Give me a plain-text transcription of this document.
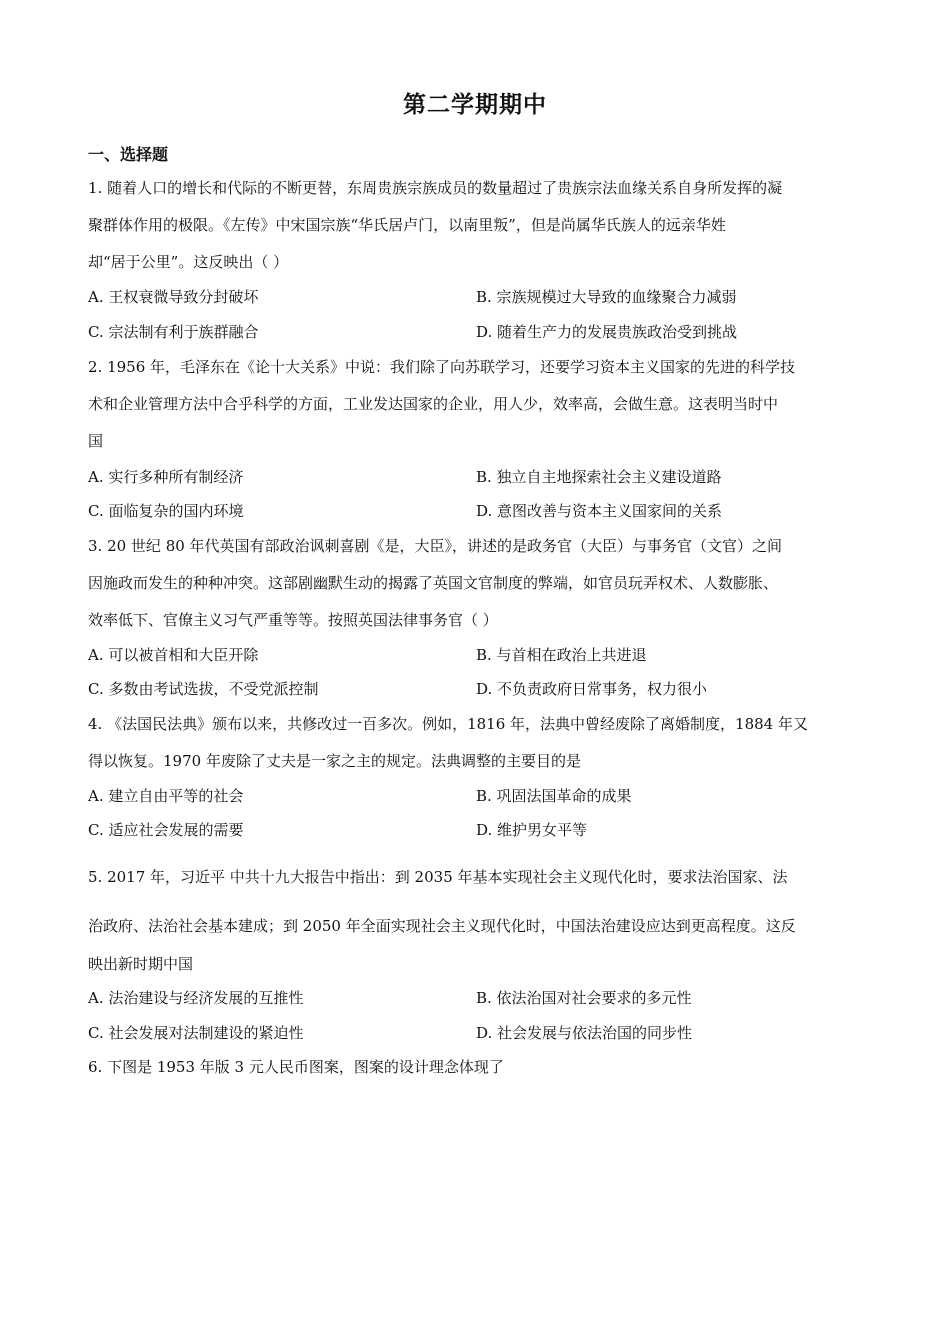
第二学期期中
一、选择题
1. 随着人口的增长和代际的不断更替，东周贵族宗族成员的数量超过了贵族宗法血缘关系自身所发挥的凝
聚群体作用的极限。《左传》中宋国宗族“华氏居卢门，以南里叛”，但是尚属华氏族人的远亲华姓
却“居于公里”。这反映出（ ）
A. 王权衰微导致分封破坏	B. 宗族规模过大导致的血缘聚合力减弱
C. 宗法制有利于族群融合	D. 随着生产力的发展贵族政治受到挑战
2. 1956 年，毛泽东在《论十大关系》中说：我们除了向苏联学习，还要学习资本主义国家的先进的科学技
术和企业管理方法中合乎科学的方面，工业发达国家的企业，用人少，效率高，会做生意。这表明当时中
国
A. 实行多种所有制经济	B. 独立自主地探索社会主义建设道路
C. 面临复杂的国内环境	D. 意图改善与资本主义国家间的关系
3. 20 世纪 80 年代英国有部政治讽刺喜剧《是，大臣》，讲述的是政务官（大臣）与事务官（文官）之间
因施政而发生的种种冲突。这部剧幽默生动的揭露了英国文官制度的弊端，如官员玩弄权术、人数膨胀、
效率低下、官僚主义习气严重等等。按照英国法律事务官（ ）
A. 可以被首相和大臣开除	B. 与首相在政治上共进退
C. 多数由考试选拔，不受党派控制	D. 不负责政府日常事务，权力很小
4. 《法国民法典》颁布以来，共修改过一百多次。例如，1816 年，法典中曾经废除了离婚制度，1884 年又
得以恢复。1970 年废除了丈夫是一家之主的规定。法典调整的主要目的是
A. 建立自由平等的社会	B. 巩固法国革命的成果
C. 适应社会发展的需要	D. 维护男女平等
5. 2017 年，习近平 中共十九大报告中指出：到 2035 年基本实现社会主义现代化时，要求法治国家、法
治政府、法治社会基本建成；到 2050 年全面实现社会主义现代化时，中国法治建设应达到更高程度。这反
映出新时期中国
A. 法治建设与经济发展的互推性	B. 依法治国对社会要求的多元性
C. 社会发展对法制建设的紧迫性	D. 社会发展与依法治国的同步性
6. 下图是 1953 年版 3 元人民币图案，图案的设计理念体现了
